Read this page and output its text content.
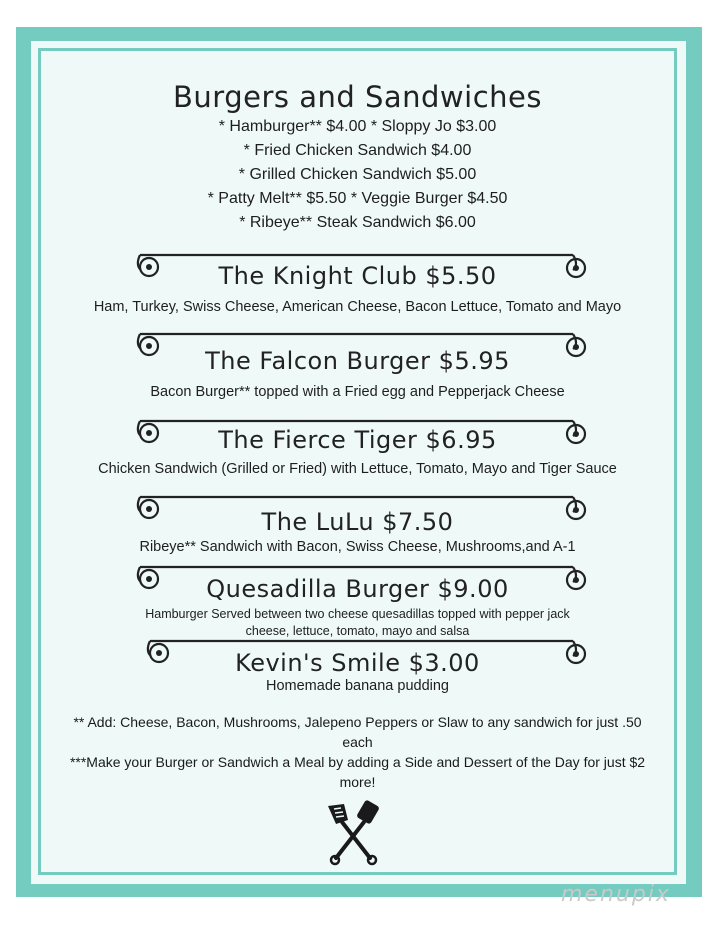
Burgers and Sandwiches
* Hamburger** $4.00 * Sloppy Jo $3.00
* Fried Chicken Sandwich $4.00
* Grilled Chicken Sandwich $5.00
* Patty Melt** $5.50 * Veggie Burger $4.50
* Ribeye** Steak Sandwich $6.00
The Knight Club $5.50
Ham, Turkey, Swiss Cheese, American Cheese, Bacon Lettuce, Tomato and Mayo
The Falcon Burger $5.95
Bacon Burger** topped with a Fried egg and Pepperjack Cheese
The Fierce Tiger $6.95
Chicken Sandwich (Grilled or Fried) with Lettuce, Tomato, Mayo and Tiger Sauce
The LuLu $7.50
Ribeye** Sandwich with Bacon, Swiss Cheese, Mushrooms,and A-1
Quesadilla Burger $9.00
Hamburger Served between two cheese quesadillas topped with pepper jack
cheese, lettuce, tomato, mayo and salsa
Kevin's Smile $3.00
Homemade banana pudding
** Add: Cheese, Bacon, Mushrooms, Jalepeno Peppers or Slaw to any sandwich for just .50
each
***Make your Burger or Sandwich a Meal by adding a Side and Dessert of the Day for just $2
more!
menupix
